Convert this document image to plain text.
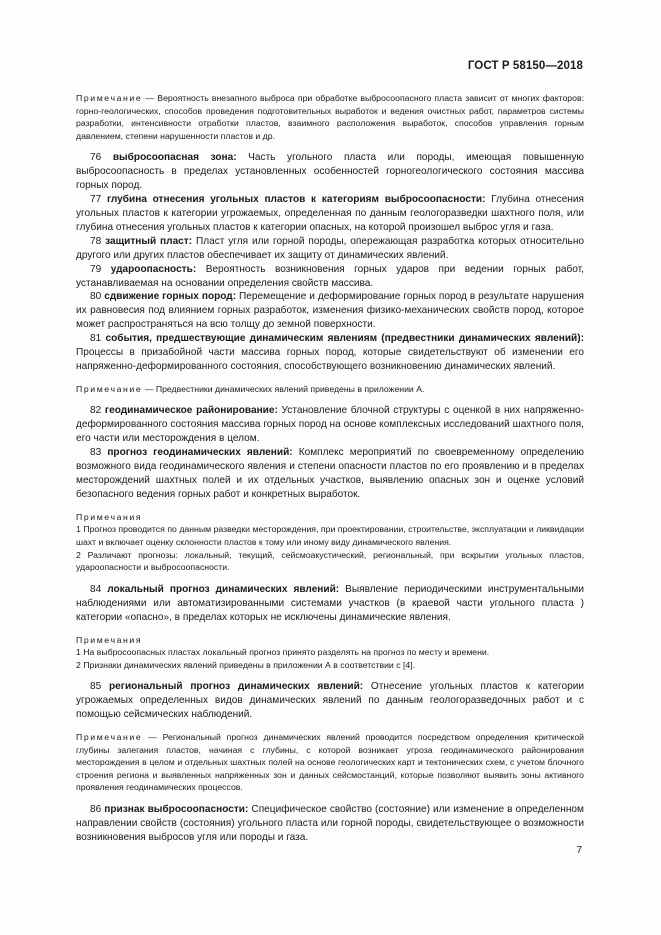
ГОСТ Р 58150—2018

Примечание — Вероятность внезапного выброса при обработке выбросоопасного пласта зависит от многих факторов: горно-геологических, способов проведения подготовительных выработок и ведения очистных работ, параметров системы разработки, интенсивности отработки пластов, взаимного расположения выработок, способов управления горным давлением, степени нарушенности пластов и др.

76 выбросоопасная зона: Часть угольного пласта или породы, имеющая повышенную выбросоопасность в пределах установленных особенностей горногеологического состояния массива горных пород.

77 глубина отнесения угольных пластов к категориям выбросоопасности: Глубина отнесения угольных пластов к категории угрожаемых, определенная по данным геологоразведки шахтного поля, или глубина отнесения угольных пластов к категории опасных, на которой произошел выброс угля и газа.

78 защитный пласт: Пласт угля или горной породы, опережающая разработка которых относительно другого или других пластов обеспечивает их защиту от динамических явлений.

79 удароопасность: Вероятность возникновения горных ударов при ведении горных работ, устанавливаемая на основании определения свойств массива.

80 сдвижение горных пород: Перемещение и деформирование горных пород в результате нарушения их равновесия под влиянием горных разработок, изменения физико-механических свойств пород, которое может распространяться на всю толщу до земной поверхности.

81 события, предшествующие динамическим явлениям (предвестники динамических явлений): Процессы в призабойной части массива горных пород, которые свидетельствуют об изменении его напряженно-деформированного состояния, способствующего возникновению динамических явлений.

Примечание — Предвестники динамических явлений приведены в приложении А.

82 геодинамическое районирование: Установление блочной структуры с оценкой в них напряженно-деформированного состояния массива горных пород на основе комплексных исследований шахтного поля, его части или месторождения в целом.

83 прогноз геодинамических явлений: Комплекс мероприятий по своевременному определению возможного вида геодинамического явления и степени опасности пластов по его проявлению и в пределах месторождений шахтных полей и их отдельных участков, выявлению опасных зон и оценке условий безопасного ведения горных работ и конкретных выработок.

Примечания

1 Прогноз проводится по данным разведки месторождения, при проектировании, строительстве, эксплуатации и ликвидации шахт и включает оценку склонности пластов к тому или иному виду динамического явления.

2 Различают прогнозы: локальный, текущий, сейсмоакустический, региональный, при вскрытии угольных пластов, удароопасности и выбросоопасности.

84 локальный прогноз динамических явлений: Выявление периодическими инструментальными наблюдениями или автоматизированными системами участков (в краевой части угольного пласта ) категории «опасно», в пределах которых не исключены динамические явления.

Примечания

1 На выбросоопасных пластах локальный прогноз принято разделять на прогноз по месту и времени.

2 Признаки динамических явлений приведены в приложении А в соответствии с [4].

85 региональный прогноз динамических явлений: Отнесение угольных пластов к категории угрожаемых определенных видов динамических явлений по данным геологоразведочных работ и с помощью сейсмических наблюдений.

Примечание — Региональный прогноз динамических явлений проводится посредством определения критической глубины залегания пластов, начиная с глубины, с которой возникает угроза геодинамического районирования месторождения в целом и отдельных шахтных полей на основе геологических карт и тектонических схем, с учетом блочного строения региона и выявленных напряженных зон и данных сейсмостанций, которые позволяют выявить зоны активного проявления геодинамических процессов.

86 признак выбросоопасности: Специфическое свойство (состояние) или изменение в определенном направлении свойств (состояния) угольного пласта или горной породы, свидетельствующее о возможности возникновения выбросов угля или породы и газа.

7
